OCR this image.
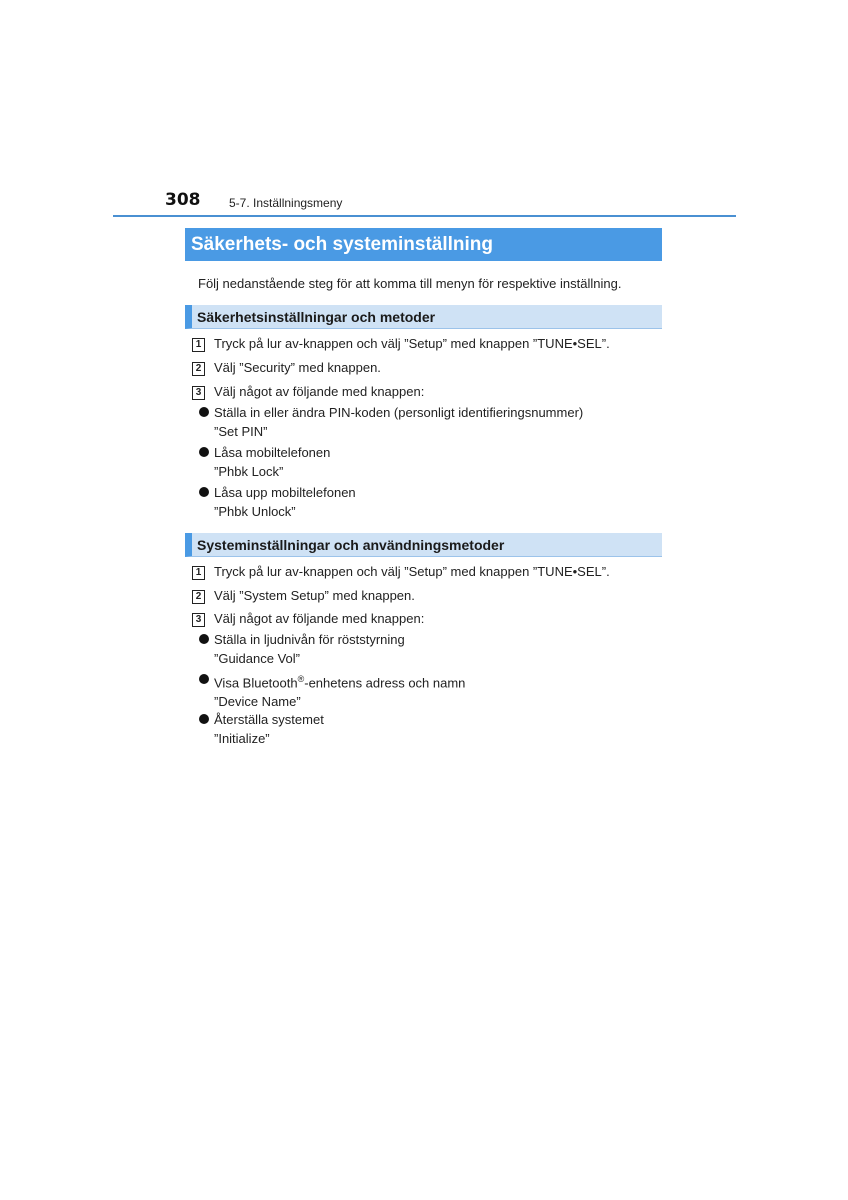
308 5-7. Inställningsmeny
Säkerhets- och systeminställning
Följ nedanstående steg för att komma till menyn för respektive inställning.
Säkerhetsinställningar och metoder
1 Tryck på lur av-knappen och välj ”Setup” med knappen ”TUNE•SEL”.
2 Välj ”Security” med knappen.
3 Välj något av följande med knappen:
Ställa in eller ändra PIN-koden (personligt identifieringsnummer)
”Set PIN”
Låsa mobiltelefonen
”Phbk Lock”
Låsa upp mobiltelefonen
”Phbk Unlock”
Systeminställningar och användningsmetoder
1 Tryck på lur av-knappen och välj ”Setup” med knappen ”TUNE•SEL”.
2 Välj ”System Setup” med knappen.
3 Välj något av följande med knappen:
Ställa in ljudnivån för röststyrning
”Guidance Vol”
Visa Bluetooth®-enhetens adress och namn
”Device Name”
Återställa systemet
”Initialize”
